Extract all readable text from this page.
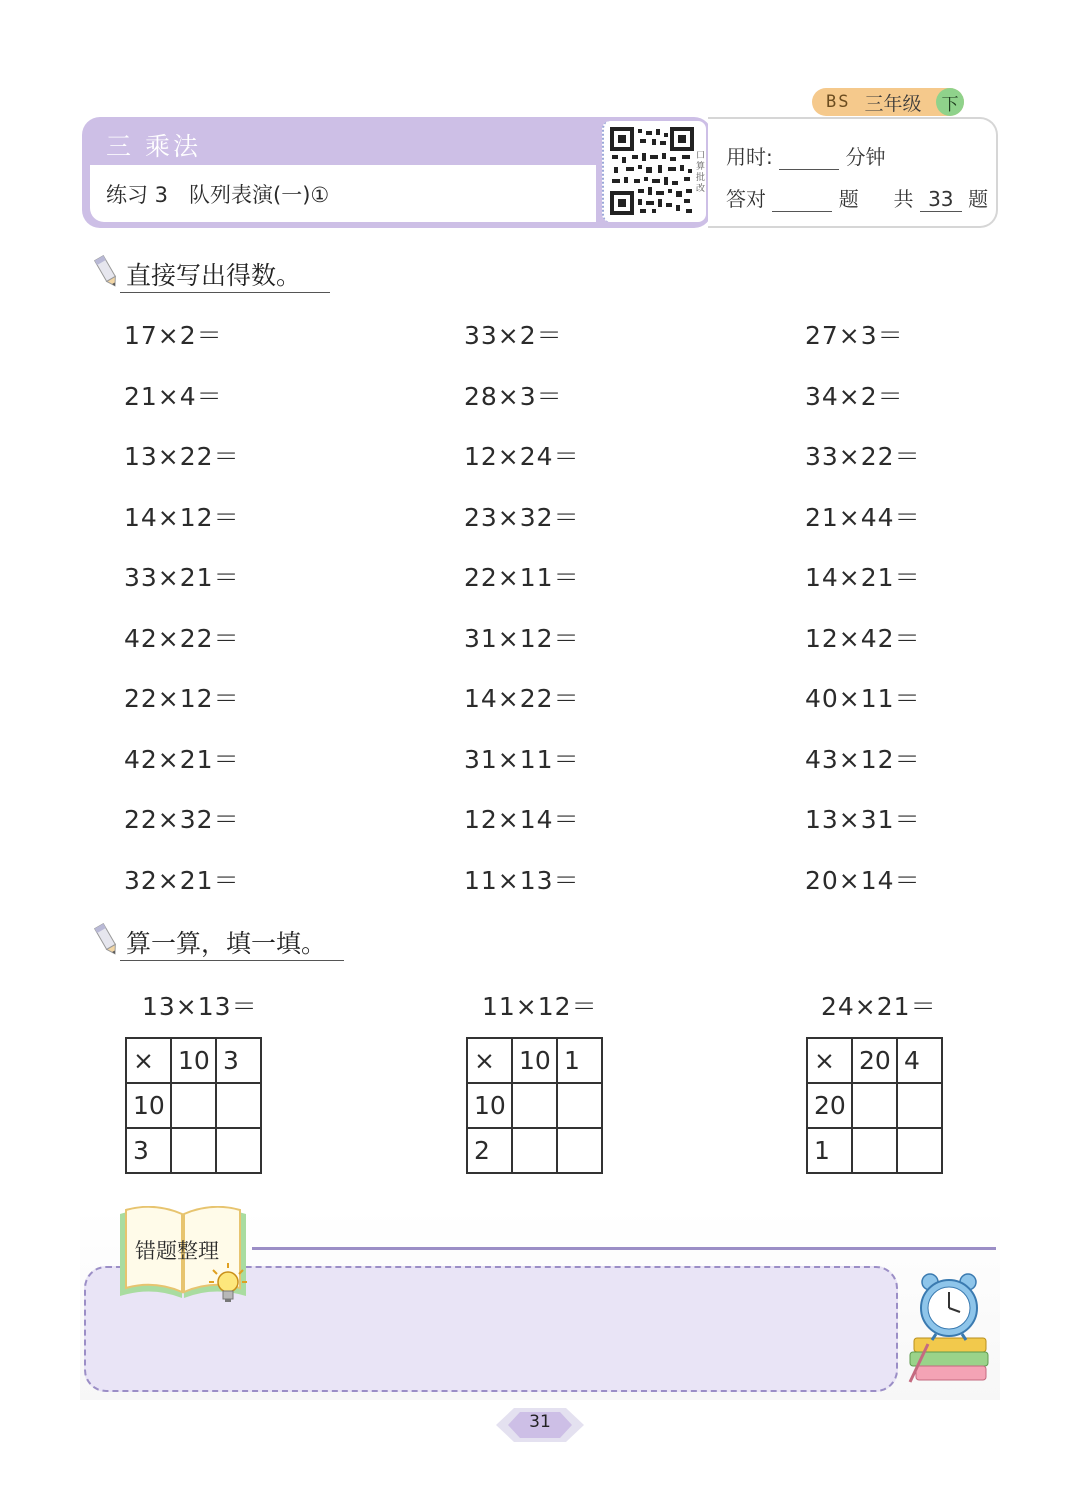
BS 三年级	下
三 乘法
练习 3　队列表演(一)①
口算批改
用时:	分钟
答对	题 共 33 题
直接写出得数。
17×2＝	33×2＝	27×3＝
21×4＝	28×3＝	34×2＝
13×22＝	12×24＝	33×22＝
14×12＝	23×32＝	21×44＝
33×21＝	22×11＝	14×21＝
42×22＝	31×12＝	12×42＝
22×12＝	14×22＝	40×11＝
42×21＝	31×11＝	43×12＝
22×32＝	12×14＝	13×31＝
32×21＝	11×13＝	20×14＝
算一算，填一填。
13×13＝
×	10	3
10		
3		
11×12＝
×	10	1
10		
2		
24×21＝
×	20	4
20		
1		
错题整理
31
